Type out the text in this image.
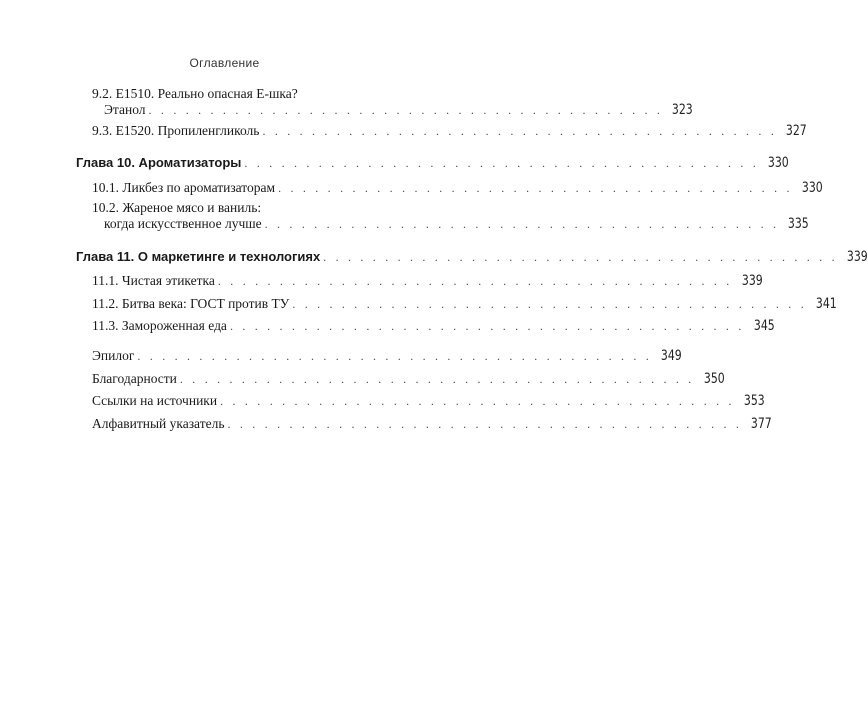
Оглавление
9.2. E1510. Реально опасная E-шка?
Этанол . . . . . . . . . . . . . . . . . . . . . . . . . . . . . . . . . . . . . . . . . . 323
9.3. E1520. Пропиленгликоль . . . . . . . . . . . . . . . . . . . . . . . . . . . . . . . . . . . . . . . . . . 327
Глава 10. Ароматизаторы . . . . . . . . . . . . . . . . . . . . . . . . . . . . . . . . . . . . . . . . . . 330
10.1. Ликбез по ароматизаторам . . . . . . . . . . . . . . . . . . . . . . . . . . . . . . . . . . . . . . . . . . 330
10.2. Жареное мясо и ваниль:
когда искусственное лучше . . . . . . . . . . . . . . . . . . . . . . . . . . . . . . . . . . . . . . . . . . 335
Глава 11. О маркетинге и технологиях . . . . . . . . . . . . . . . . . . . . . . . . . . . . . . . . . . . . . . . . . . 339
11.1. Чистая этикетка . . . . . . . . . . . . . . . . . . . . . . . . . . . . . . . . . . . . . . . . . . 339
11.2. Битва века: ГОСТ против ТУ . . . . . . . . . . . . . . . . . . . . . . . . . . . . . . . . . . . . . . . . . . 341
11.3. Замороженная еда . . . . . . . . . . . . . . . . . . . . . . . . . . . . . . . . . . . . . . . . . . 345
Эпилог . . . . . . . . . . . . . . . . . . . . . . . . . . . . . . . . . . . . . . . . . . 349
Благодарности . . . . . . . . . . . . . . . . . . . . . . . . . . . . . . . . . . . . . . . . . . 350
Ссылки на источники . . . . . . . . . . . . . . . . . . . . . . . . . . . . . . . . . . . . . . . . . . 353
Алфавитный указатель . . . . . . . . . . . . . . . . . . . . . . . . . . . . . . . . . . . . . . . . . . 377
